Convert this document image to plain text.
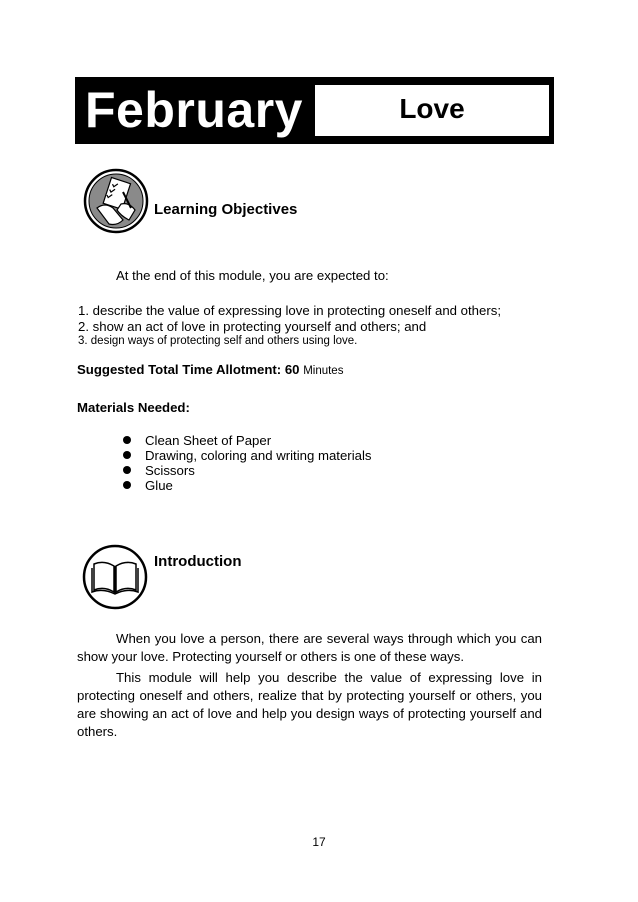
February	Love
Learning Objectives
At the end of this module, you are expected to:
1. describe the value of expressing love in protecting oneself and others;
2. show an act of love in protecting yourself and others; and
3. design ways of protecting self and others using love.
Suggested Total Time Allotment: 60 Minutes
Materials Needed:
Clean Sheet of Paper
Drawing, coloring and writing materials
Scissors
Glue
Introduction

When you love a person, there are several ways through which you can show your love. Protecting yourself or others is one of these ways.

This module will help you describe the value of expressing love in protecting oneself and others, realize that by protecting yourself or others, you are showing an act of love and help you design ways of protecting yourself and others.

17
